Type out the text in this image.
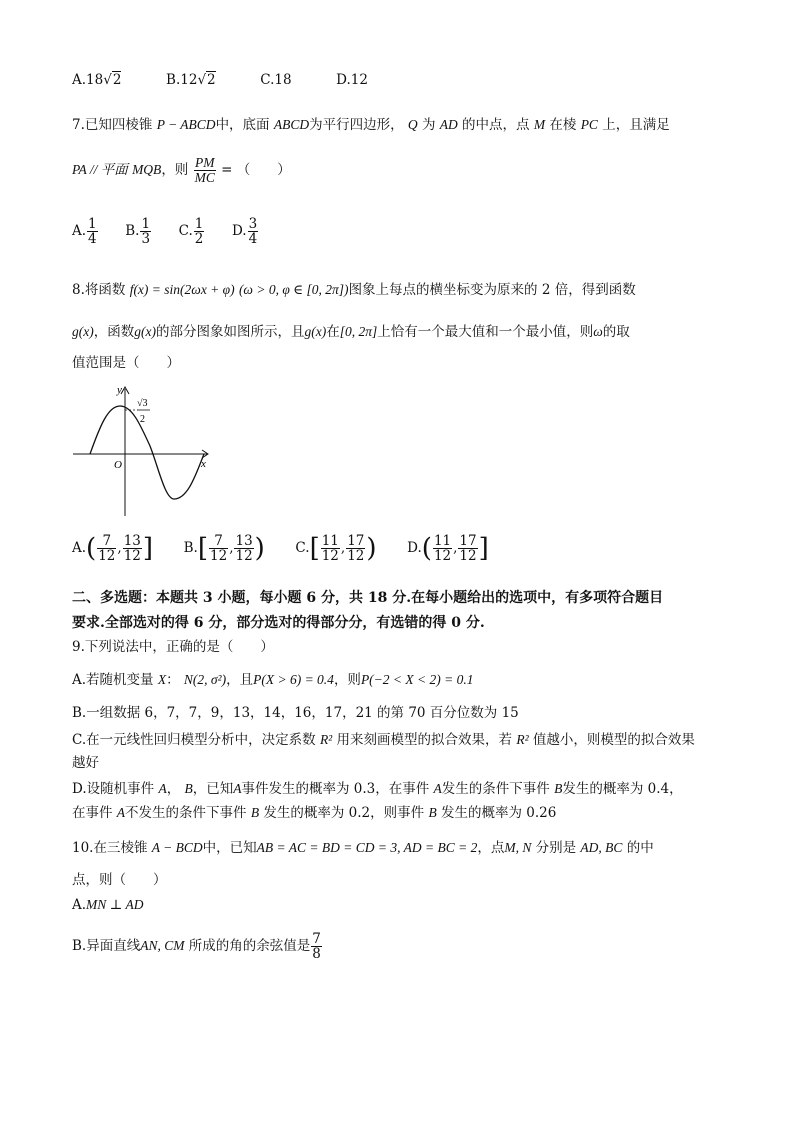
A.18√2	B.12√2	C.18	D.12
7.已知四棱锥 P − ABCD中，底面 ABCD为平行四边形， Q 为 AD 的中点，点 M 在棱 PC 上，且满足
PA // 平面 MQB，则 $\frac{PM}{MC}$ = （　　）
A. $\frac{1}{4} B$. $\frac{1}{3} C$. $\frac{1}{2} D$. $\frac{3}{4}$
8.将函数 f(x) = sin(2ωx + φ) (ω > 0, φ ∈ [0, 2π])图象上每点的横坐标变为原来的 2 倍，得到函数
g(x)，函数g(x)的部分图象如图所示，且g(x)在[0, 2π]上恰有一个最大值和一个最小值，则ω的取
值范围是（　　）
y
x
O
√3
2
$A.( \frac{7}{12}$ , $\frac{13}{12}$ ] $B.[ \frac{7}{12}$ , $\frac{13}{12}$ ) $C.[ \frac{11}{12}$ , $\frac{17}{12}$ ) $D.( \frac{11}{12}$ , $\frac{17}{12}$ ]
二、多选题：本题共 3 小题，每小题 6 分，共 18 分.在每小题给出的选项中，有多项符合题目
要求.全部选对的得 6 分，部分选对的得部分分，有选错的得 0 分.
9.下列说法中，正确的是（　　）
A.若随机变量 X： N(2, σ²)，且P(X > 6) = 0.4，则P(−2 < X < 2) = 0.1
B.一组数据 6，7，7，9，13，14，16，17，21 的第 70 百分位数为 15
C.在一元线性回归模型分析中，决定系数 R² 用来刻画模型的拟合效果，若 R² 值越小，则模型的拟合效果
越好
D.设随机事件 A， B，已知A事件发生的概率为 0.3，在事件 A发生的条件下事件 B发生的概率为 0.4，
在事件 A不发生的条件下事件 B 发生的概率为 0.2，则事件 B 发生的概率为 0.26
10.在三棱锥 A − BCD中，已知AB = AC = BD = CD = 3, AD = BC = 2，点M, N 分别是 AD, BC 的中
点，则（　　）
A.MN ⊥ AD
B.异面直线AN, CM 所成的角的余弦值是 $\frac{7}{8}$
